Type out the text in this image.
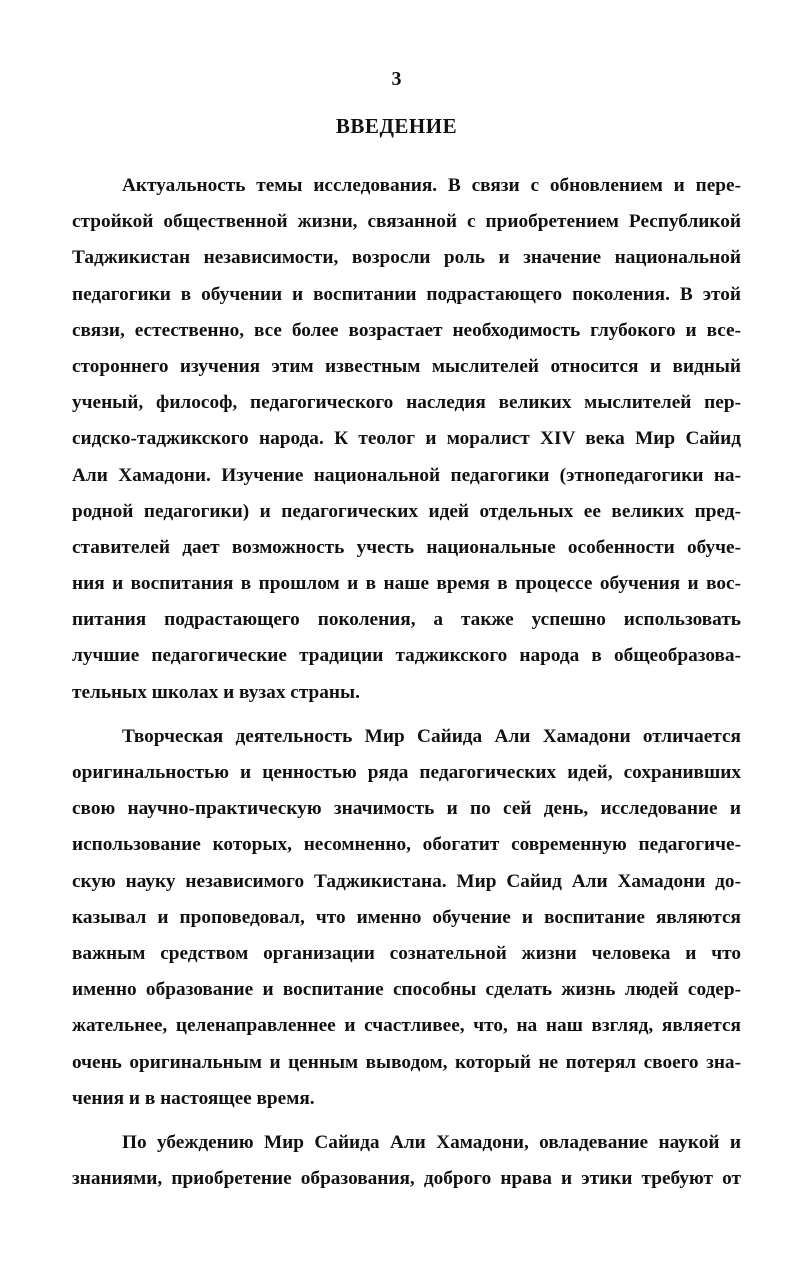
3
ВВЕДЕНИЕ
Актуальность темы исследования. В связи с обновлением и пере-
стройкой общественной жизни, связанной с приобретением Республикой
Таджикистан независимости, возросли роль и значение национальной
педагогики в обучении и воспитании подрастающего поколения. В этой
связи, естественно, все более возрастает необходимость глубокого и все-
стороннего изучения этим известным мыслителей относится и видный
ученый, философ, педагогического наследия великих мыслителей пер-
сидско-таджикского народа. К теолог и моралист XIV века Мир Сайид
Али Хамадони. Изучение национальной педагогики (этнопедагогики на-
родной педагогики) и педагогических идей отдельных ее великих пред-
ставителей дает возможность учесть национальные особенности обуче-
ния и воспитания в прошлом и в наше время в процессе обучения и вос-
питания подрастающего поколения, а также успешно использовать
лучшие педагогические традиции таджикского народа в общеобразова-
тельных школах и вузах страны.
Творческая деятельность Мир Сайида Али Хамадони отличается
оригинальностью и ценностью ряда педагогических идей, сохранивших
свою научно-практическую значимость и по сей день, исследование и
использование которых, несомненно, обогатит современную педагогиче-
скую науку независимого Таджикистана. Мир Сайид Али Хамадони до-
казывал и проповедовал, что именно обучение и воспитание являются
важным средством организации сознательной жизни человека и что
именно образование и воспитание способны сделать жизнь людей содер-
жательнее, целенаправленнее и счастливее, что, на наш взгляд, является
очень оригинальным и ценным выводом, который не потерял своего зна-
чения и в настоящее время.
По убеждению Мир Сайида Али Хамадони, овладевание наукой и
знаниями, приобретение образования, доброго нрава и этики требуют от
